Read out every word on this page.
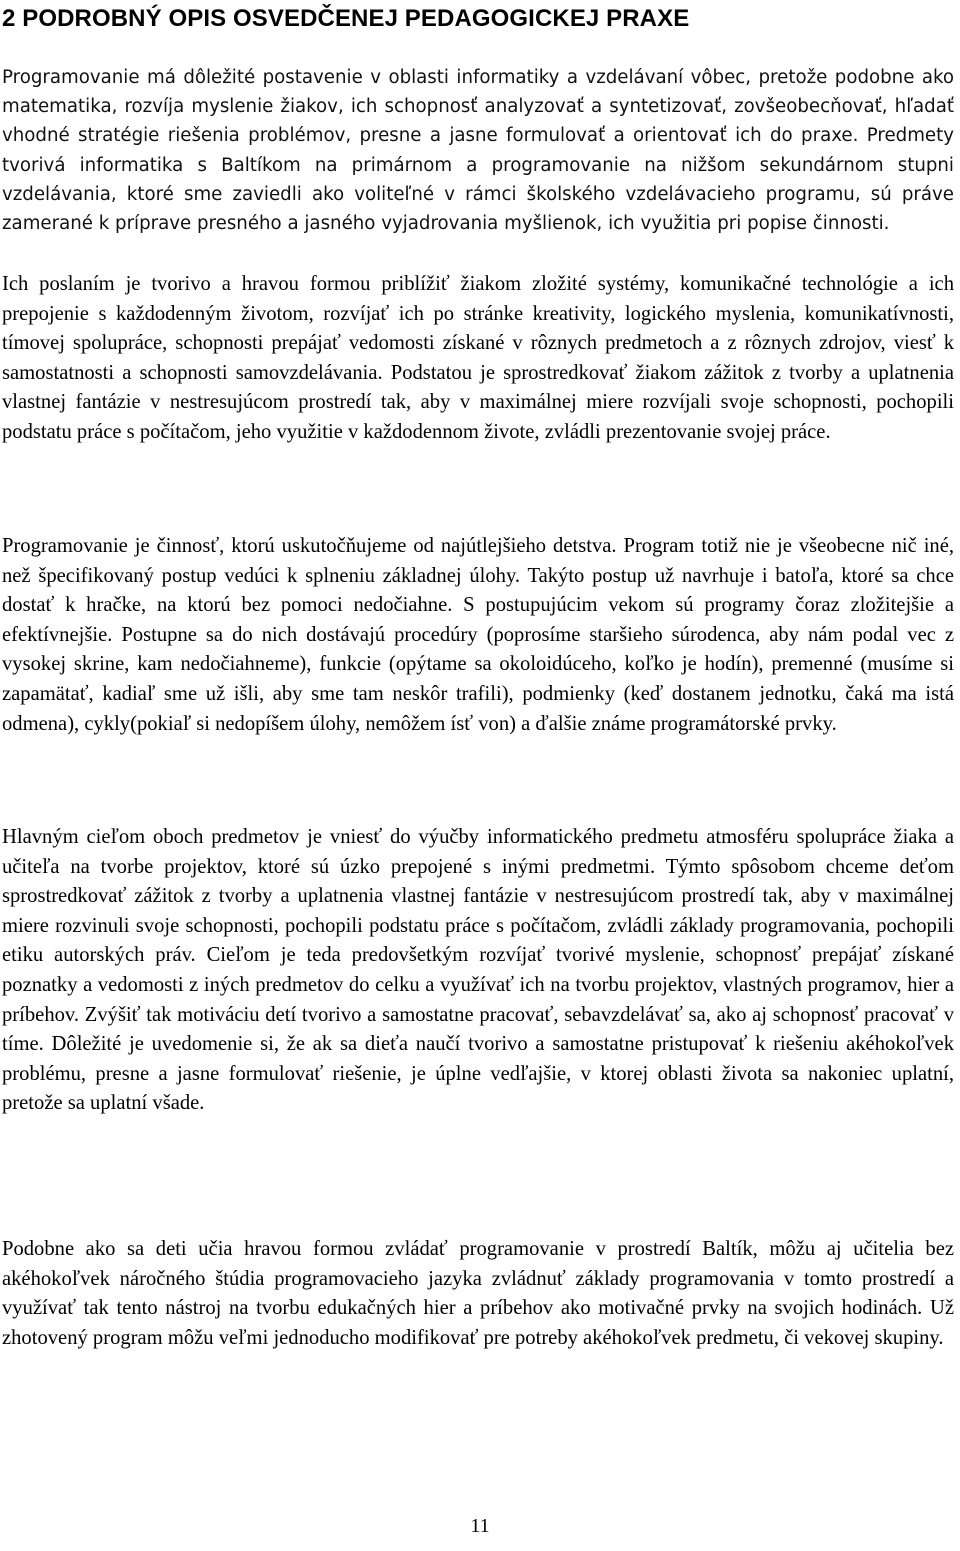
2 PODROBNÝ OPIS OSVEDČENEJ PEDAGOGICKEJ PRAXE

Programovanie má dôležité postavenie v oblasti informatiky a vzdelávaní vôbec, pretože podobne ako matematika, rozvíja myslenie žiakov, ich schopnosť analyzovať a syntetizovať, zovšeobecňovať, hľadať vhodné stratégie riešenia problémov, presne a jasne formulovať a orientovať ich do praxe. Predmety tvorivá informatika s Baltíkom na primárnom a programovanie na nižšom sekundárnom stupni vzdelávania, ktoré sme zaviedli ako voliteľné v rámci školského vzdelávacieho programu, sú práve zamerané k príprave presného a jasného vyjadrovania myšlienok, ich využitia pri popise činnosti.

Ich poslaním je tvorivo a hravou formou priblížiť žiakom zložité systémy, komunikačné technológie a ich prepojenie s každodenným životom, rozvíjať ich po stránke kreativity, logického myslenia, komunikatívnosti, tímovej spolupráce, schopnosti prepájať vedomosti získané v rôznych predmetoch a z rôznych zdrojov, viesť k samostatnosti a schopnosti samovzdelávania. Podstatou je sprostredkovať žiakom zážitok z tvorby a uplatnenia vlastnej fantázie v nestresujúcom prostredí tak, aby v maximálnej miere rozvíjali svoje schopnosti, pochopili podstatu práce s počítačom, jeho využitie v každodennom živote, zvládli prezentovanie svojej práce.

Programovanie je činnosť, ktorú uskutočňujeme od najútlejšieho detstva. Program totiž nie je všeobecne nič iné, než špecifikovaný postup vedúci k splneniu základnej úlohy. Takýto postup už navrhuje i batoľa, ktoré sa chce dostať k hračke, na ktorú bez pomoci nedočiahne. S postupujúcim vekom sú programy čoraz zložitejšie a efektívnejšie. Postupne sa do nich dostávajú procedúry (poprosíme staršieho súrodenca, aby nám podal vec z vysokej skrine, kam nedočiahneme), funkcie (opýtame sa okoloidúceho, koľko je hodín), premenné (musíme si zapamätať, kadiaľ sme už išli, aby sme tam neskôr trafili), podmienky (keď dostanem jednotku, čaká ma istá odmena), cykly(pokiaľ si nedopíšem úlohy, nemôžem ísť von) a ďalšie známe programátorské prvky.

Hlavným cieľom oboch predmetov je vniesť do výučby informatického predmetu atmosféru spolupráce žiaka a učiteľa na tvorbe projektov, ktoré sú úzko prepojené s inými predmetmi. Týmto spôsobom chceme deťom sprostredkovať zážitok z tvorby a uplatnenia vlastnej fantázie v nestresujúcom prostredí tak, aby v maximálnej miere rozvinuli svoje schopnosti, pochopili podstatu práce s počítačom, zvládli základy programovania, pochopili etiku autorských práv. Cieľom je teda predovšetkým rozvíjať tvorivé myslenie, schopnosť prepájať získané poznatky a vedomosti z iných predmetov do celku a využívať ich na tvorbu projektov, vlastných programov, hier a príbehov. Zvýšiť tak motiváciu detí tvorivo a samostatne pracovať, sebavzdelávať sa, ako aj schopnosť pracovať v tíme. Dôležité je uvedomenie si, že ak sa dieťa naučí tvorivo a samostatne pristupovať k riešeniu akéhokoľvek problému, presne a jasne formulovať riešenie, je úplne vedľajšie, v ktorej oblasti života sa nakoniec uplatní, pretože sa uplatní všade.

Podobne ako sa deti učia hravou formou zvládať programovanie v prostredí Baltík, môžu aj učitelia bez akéhokoľvek náročného štúdia programovacieho jazyka zvládnuť základy programovania v tomto prostredí a využívať tak tento nástroj na tvorbu edukačných hier a príbehov ako motivačné prvky na svojich hodinách. Už zhotovený program môžu veľmi jednoducho modifikovať pre potreby akéhokoľvek predmetu, či vekovej skupiny.

11
